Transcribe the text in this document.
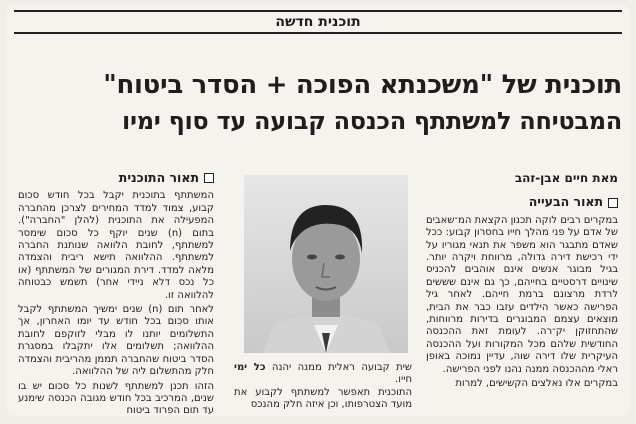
תוכנית חדשה
תוכנית של "משכנתא הפוכה + הסדר ביטוח"
המבטיחה למשתתף הכנסה קבועה עד סוף ימיו
מאת חיים אבן-זהב
תאור הבעייה

במקרים רבים לוקה תכנון הקצאת המ־שאבים של אדם על פני מהלך חייו בחסרון קבוע: ככל שאדם מתבגר הוא משפר את תנאי מגוריו על ידי רכישת דירה גדולה, מרווחת ויקרה יותר. בגיל מבוגר אנשים אינם אוהבים להכניס שינויים דרסטיים בחייהם, כך גם אינם שששים לרדת מרצונם ברמת חייהם. לאחר גיל הפרישה כאשר הילדים עזבו כבר את הבית, מוצאים עצמם המבוגרים בדירות מרווחות, שהתחזוקן יק־רה. לעומת זאת ההכנסה החודשית שלהם מכל המקורות ועל ההכנסה העיקרית שלו דירה שוה, עדיין נמוכה באופן ראלי מההכנסה ממנה נהנו לפני הפרישה.

במקרים אלו נאלצים הקשישים, למרות

שית קבועה ראלית ממנה יהנה כל ימי חייו.
התוכנית תאפשר למשתתף לקבוע את מועד הצטרפותו, וכן איזה חלק מהנכס
תאור התוכנית

המשתתף בתוכנית יקבל בכל חודש סכום קבוע, צמוד למדד המחירים לצרכן מהחברה המפעילה את התוכנית (להלן "החברה"). בתום (n) שנים יוקף כל סכום שימסר למשתתף, לחובת הלוואה שנותנת החברה למשתתף. ההלוואה תישא ריבית והצמדה מלאה למדד. דירת המגורים של המשתתף (או כל נכס דלא ניידי אחר) תשמש כבטוחה להלוואה זו.

לאחר תום (n) שנים ימשיך המשתתף לקבל אותו סכום בכל חודש עד יומו האחרון, אך התשלומים יותנו לו מבלי לזוקפם לחובת ההלוואה; תשלומים אלו יתקבלו במסגרת הסדר ביטוח שהחברה תממן מהריבית והצמדה חלק מהתשלום ליה של ההלוואה.

הזהו תכנן למשתתף לשנות כל סכום יש בו שנים, המרכיב בכל חודש מגובה הכנסה שימנע עד תום הפרוד ביטוח
